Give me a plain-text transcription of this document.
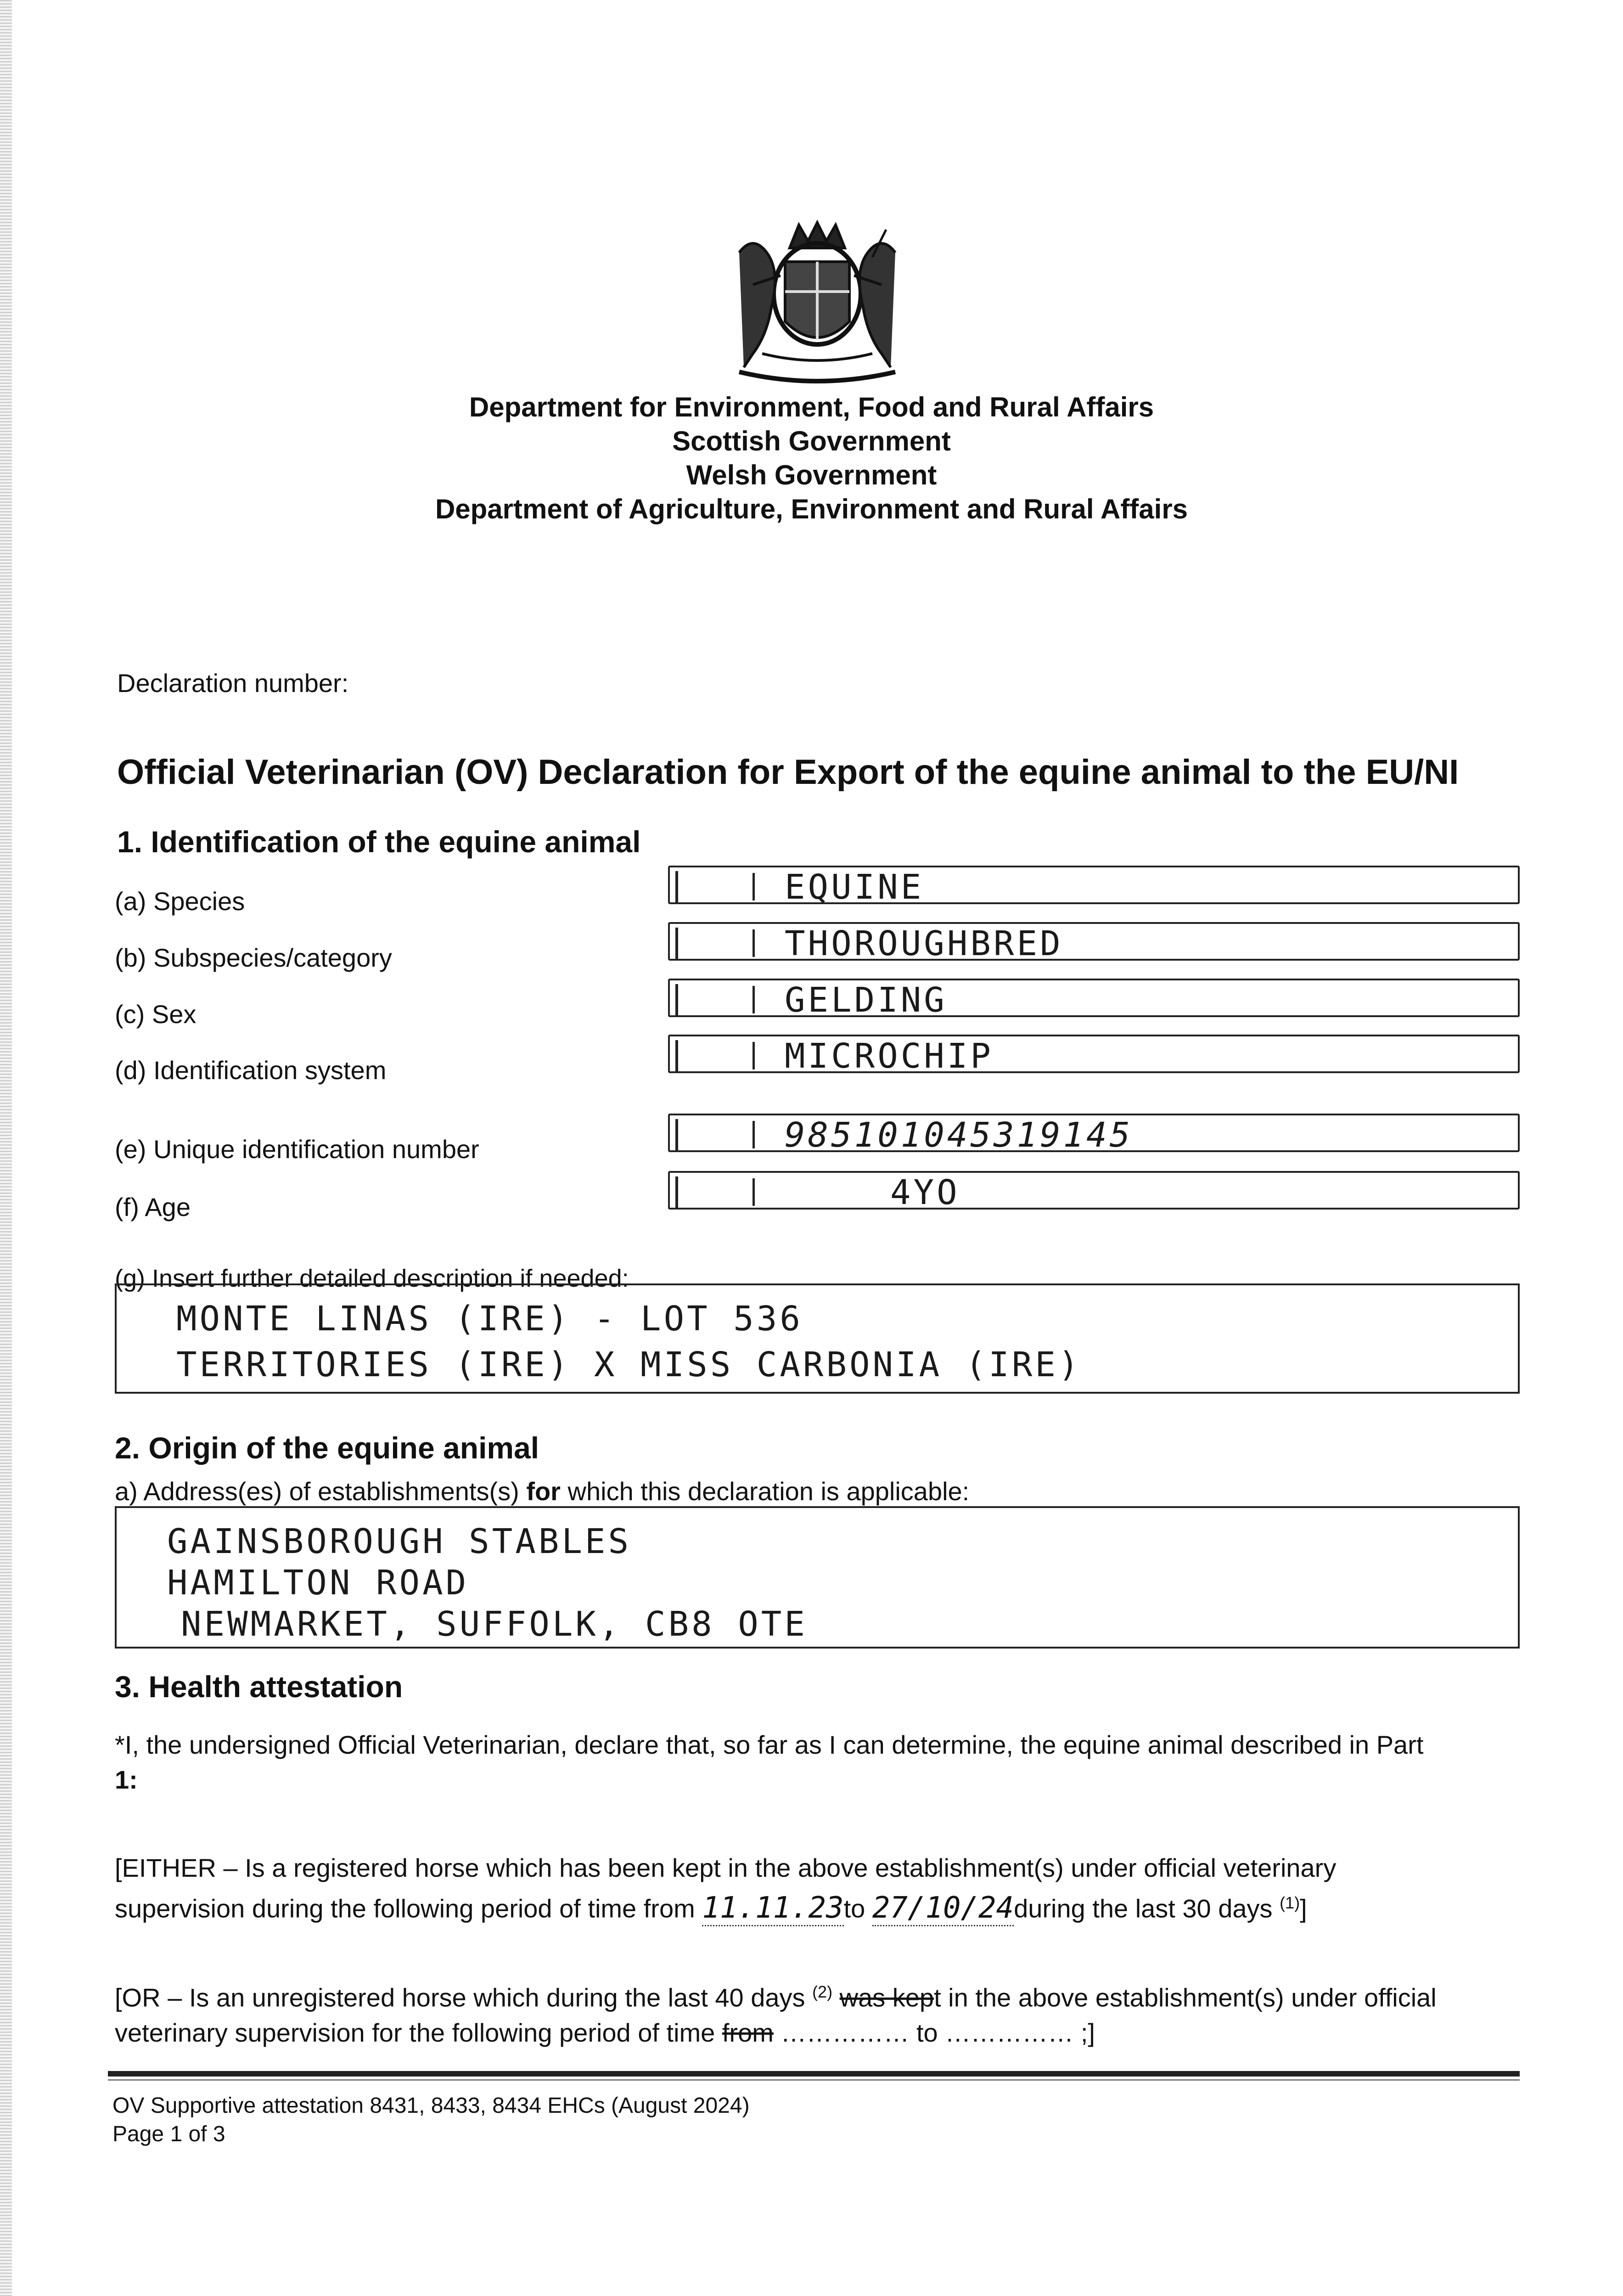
Department for Environment, Food and Rural Affairs
Scottish Government
Welsh Government
Department of Agriculture, Environment and Rural Affairs
Declaration number:
Official Veterinarian (OV) Declaration for Export of the equine animal to the EU/NI
1. Identification of the equine animal
(a) Species	EQUINE
(b) Subspecies/category	THOROUGHBRED
(c) Sex	GELDING
(d) Identification system	MICROCHIP
(e) Unique identification number	985101045319145
(f) Age	4YO
(g) Insert further detailed description if needed:
MONTE LINAS (IRE) - LOT 536
TERRITORIES (IRE) X MISS CARBONIA (IRE)
2. Origin of the equine animal
a) Address(es) of establishments(s) for which this declaration is applicable:
GAINSBOROUGH STABLES
HAMILTON ROAD
NEWMARKET, SUFFOLK, CB8 OTE
3. Health attestation
*I, the undersigned Official Veterinarian, declare that, so far as I can determine, the equine animal described in Part
1:
[EITHER – Is a registered horse which has been kept in the above establishment(s) under official veterinary
supervision during the following period of time from 11.11.23to 27/10/24during the last 30 days $^{(1)}$]
[OR – Is an unregistered horse which during the last 40 days $^{(2)}$ was kept in the above establishment(s) under official
veterinary supervision for the following period of time from …………… to …………… ;]
OV Supportive attestation 8431, 8433, 8434 EHCs (August 2024)
Page 1 of 3
